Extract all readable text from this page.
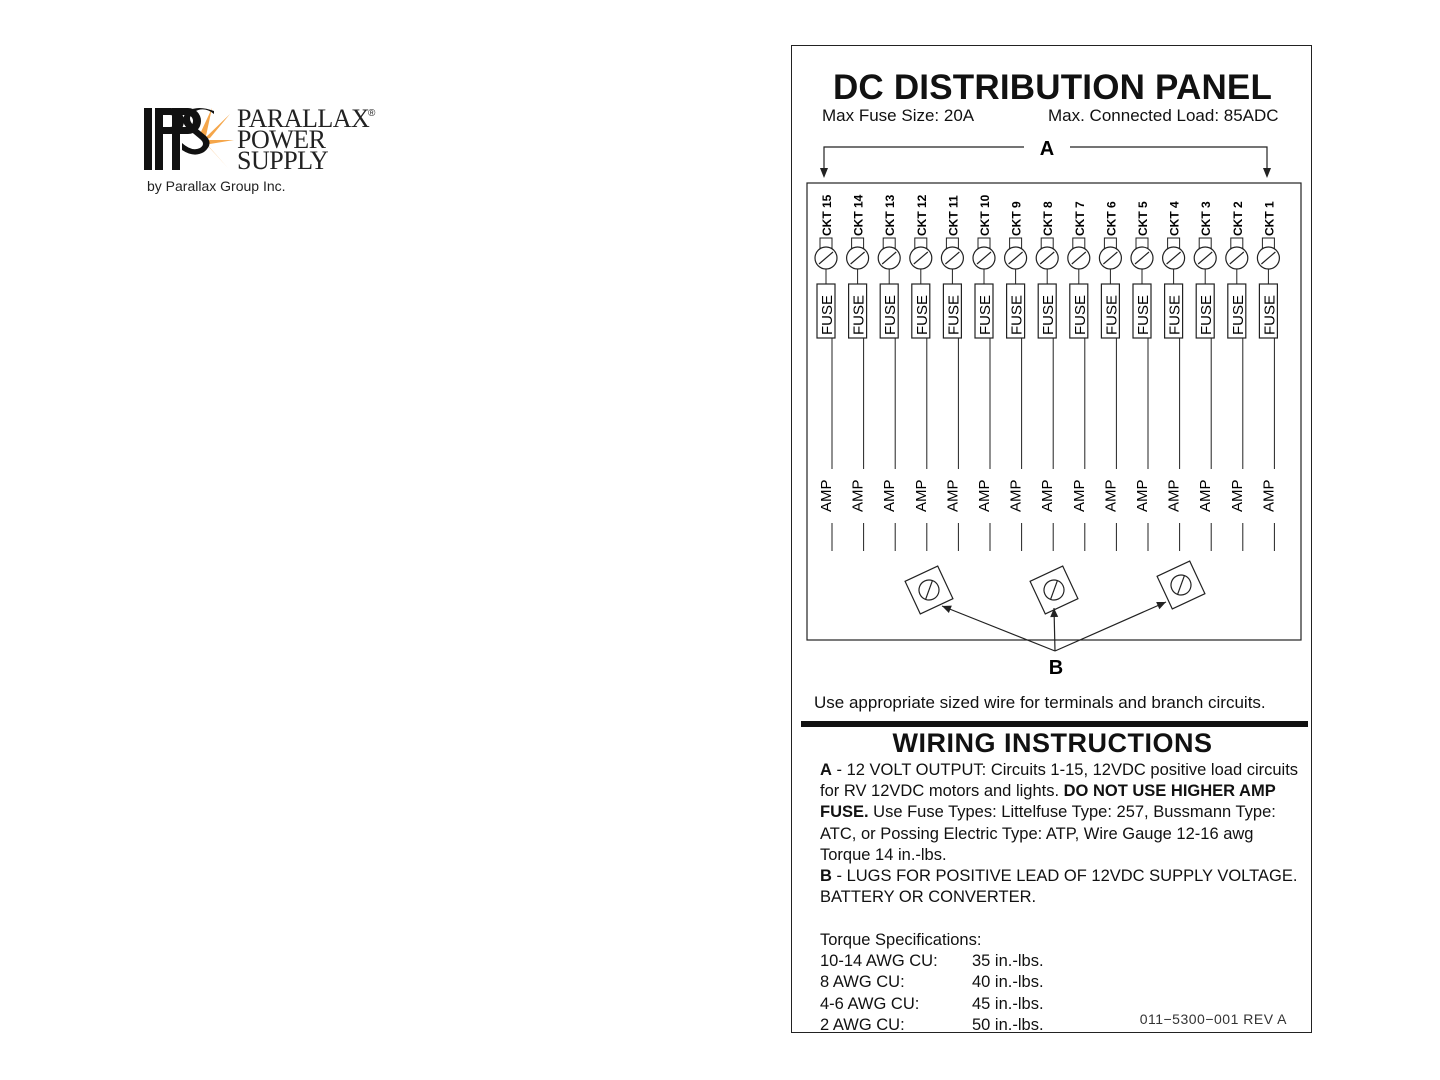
PARALLAX
POWER
SUPPLY
®
by Parallax Group Inc.
DC DISTRIBUTION PANEL
Max Fuse Size: 20A	Max. Connected Load: 85ADC
A
CKT 15
FUSE
AMP
CKT 14
FUSE
AMP
CKT 13
FUSE
AMP
CKT 12
FUSE
AMP
CKT 11
FUSE
AMP
CKT 10
FUSE
AMP
CKT 9
FUSE
AMP
CKT 8
FUSE
AMP
CKT 7
FUSE
AMP
CKT 6
FUSE
AMP
CKT 5
FUSE
AMP
CKT 4
FUSE
AMP
CKT 3
FUSE
AMP
CKT 2
FUSE
AMP
CKT 1
FUSE
AMP
B
Use appropriate sized wire for terminals and branch circuits.
WIRING INSTRUCTIONS

A - 12 VOLT OUTPUT: Circuits 1-15, 12VDC positive load circuits for RV 12VDC motors and lights. DO NOT USE HIGHER AMP FUSE. Use Fuse Types: Littelfuse Type: 257, Bussmann Type: ATC, or Possing Electric Type: ATP, Wire Gauge 12-16 awg Torque 14 in.-lbs.

B - LUGS FOR POSITIVE LEAD OF 12VDC SUPPLY VOLTAGE. BATTERY OR CONVERTER.

Torque Specifications:
10-14 AWG CU:	35 in.-lbs.
8 AWG CU:	40 in.-lbs.
4-6 AWG CU:	45 in.-lbs.
2 AWG CU:	50 in.-lbs.	011−5300−001 REV A
